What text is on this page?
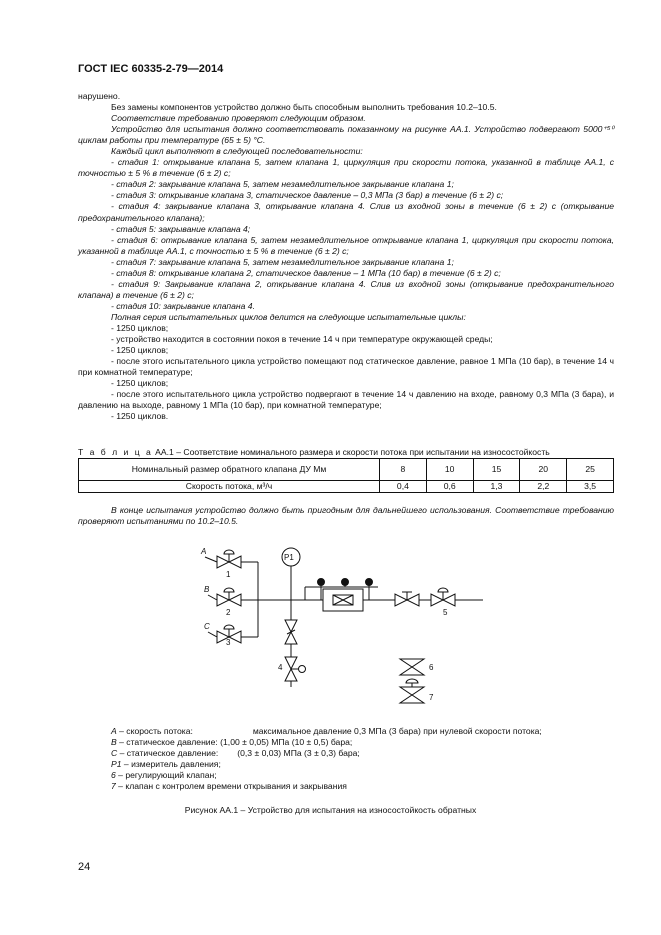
ГОСТ IEC 60335-2-79—2014

нарушено.

Без замены компонентов устройство должно быть способным выполнить требования 10.2–10.5.

Соответствие требованию проверяют следующим образом.

Устройство для испытания должно соответствовать показанному на рисунке АА.1. Устройство подвергают 5000⁺⁵⁰ циклам работы при температуре (65 ± 5) °С.

Каждый цикл выполняют в следующей последовательности:

- стадия 1: открывание клапана 5, затем клапана 1, циркуляция при скорости потока, указанной в таблице АА.1, с точностью ± 5 % в течение (6 ± 2) с;

- стадия 2: закрывание клапана 5, затем незамедлительное закрывание клапана 1;

- стадия 3: открывание клапана 3, статическое давление – 0,3 МПа (3 бар) в течение (6 ± 2) с;

- стадия 4: закрывание клапана 3, открывание клапана 4. Слив из входной зоны в течение (6 ± 2) с (открывание предохранительного клапана);

- стадия 5: закрывание клапана 4;

- стадия 6: открывание клапана 5, затем незамедлительное открывание клапана 1, циркуляция при скорости потока, указанной в таблице АА.1, с точностью ± 5 % в течение (6 ± 2) с;

- стадия 7: закрывание клапана 5, затем незамедлительное закрывание клапана 1;

- стадия 8: открывание клапана 2, статическое давление – 1 МПа (10 бар) в течение (6 ± 2) с;

- стадия 9: Закрывание клапана 2, открывание клапана 4. Слив из входной зоны (открывание предохранительного клапана) в течение (6 ± 2) с;

- стадия 10: закрывание клапана 4.

Полная серия испытательных циклов делится на следующие испытательные циклы:

- 1250 циклов;

- устройство находится в состоянии покоя в течение 14 ч при температуре окружающей среды;

- 1250 циклов;

- после этого испытательного цикла устройство помещают под статическое давление, равное 1 МПа (10 бар), в течение 14 ч при комнатной температуре;

- 1250 циклов;

- после этого испытательного цикла устройство подвергают в течение 14 ч давлению на входе, равному 0,3 МПа (3 бара), и давлению на выходе, равному 1 МПа (10 бар), при комнатной температуре;

- 1250 циклов.

Т а б л и ц а АА.1 – Соответствие номинального размера и скорости потока при испытании на износостойкость
Номинальный размер обратного клапана ДУ Мм	8	10	15	20	25
Скорость потока, м³/ч	0,4	0,6	1,3	2,2	3,5

В конце испытания устройство должно быть пригодным для дальнейшего использования. Соответствие требованию проверяют испытаниями по 10.2–10.5.

A
1
B
2
C
3
P1
4
5
6
7
A – скорость потока:	максимальное давление 0,3 МПа (3 бара) при нулевой скорости потока;
B – статическое давление: (1,00 ± 0,05) МПа (10 ± 0,5) бара;
C – статическое давление: (0,3 ± 0,03) МПа (3 ± 0,3) бара;
P1 – измеритель давления;
6 – регулирующий клапан;
7 – клапан с контролем времени открывания и закрывания
Рисунок АА.1 – Устройство для испытания на износостойкость обратных
24
